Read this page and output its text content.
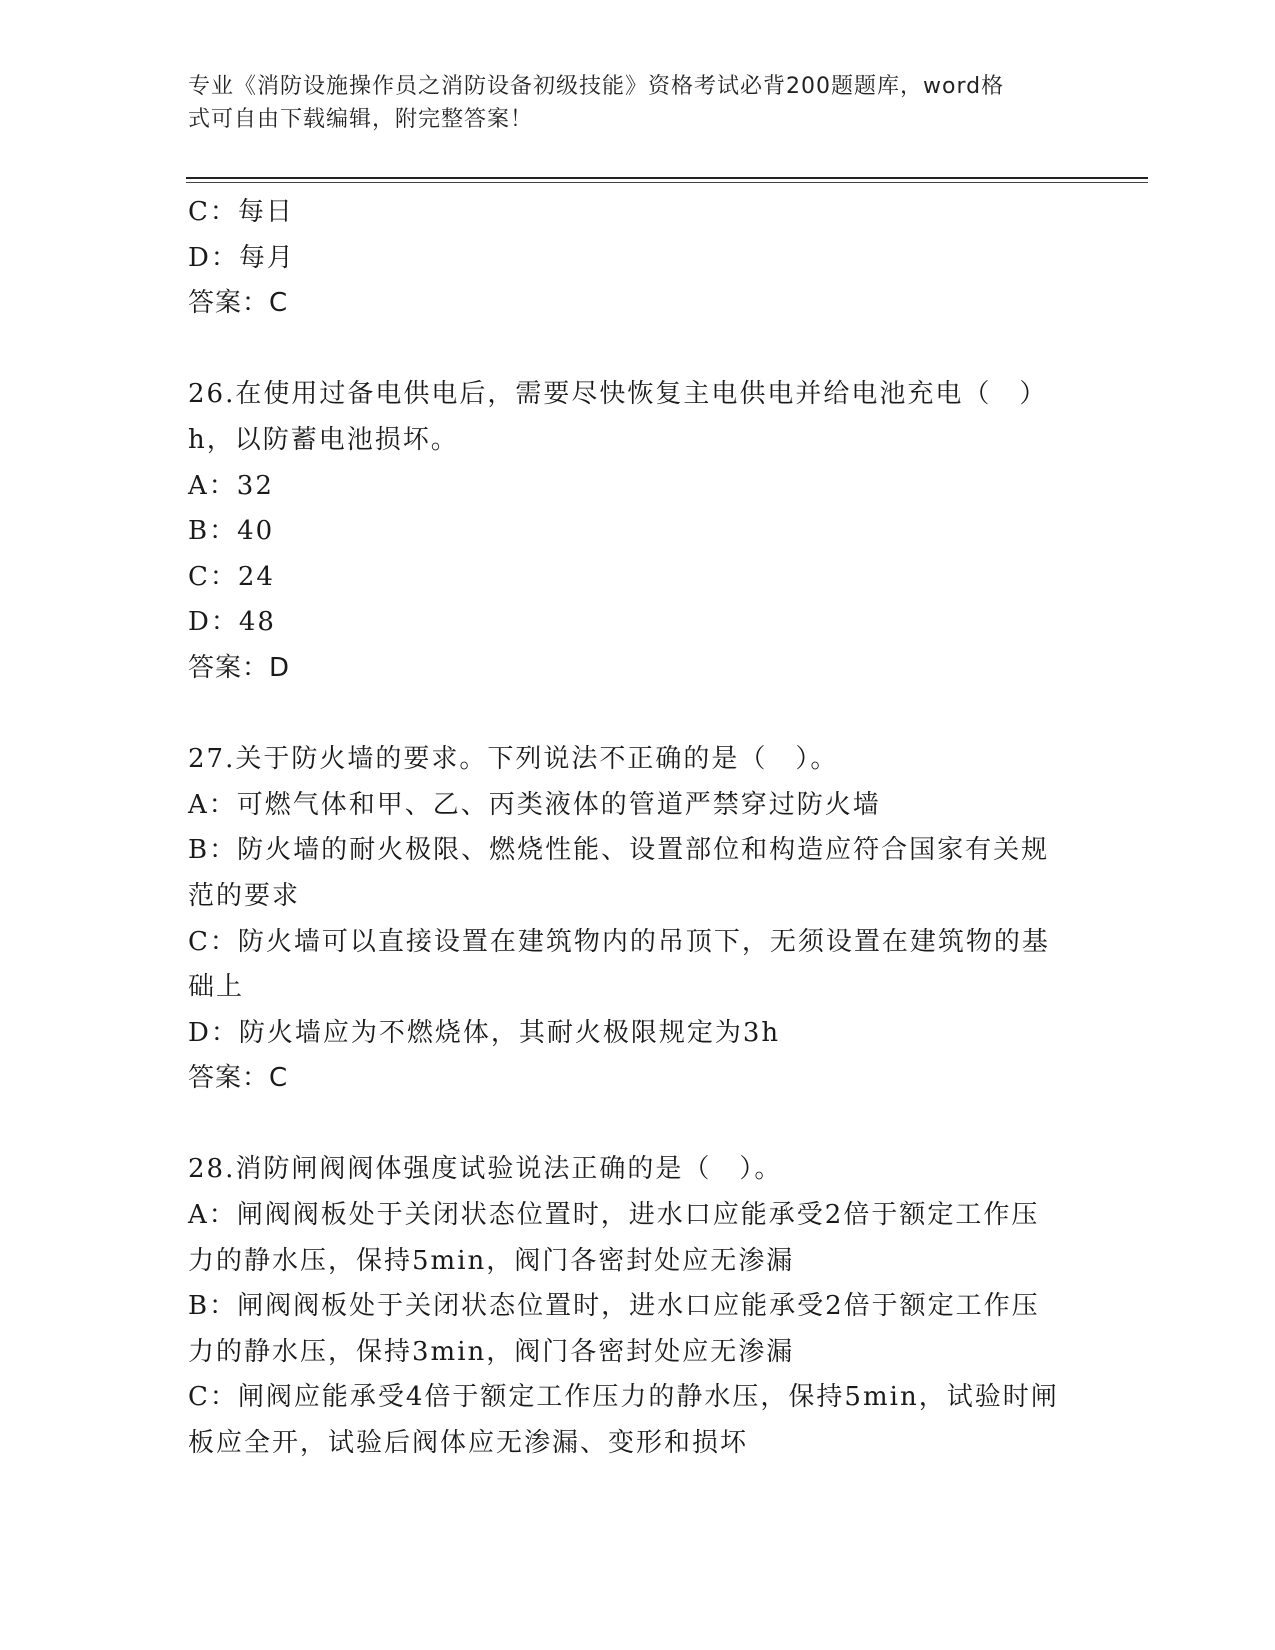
专业《消防设施操作员之消防设备初级技能》资格考试必背200题题库，word格
式可自由下载编辑，附完整答案！
C：每日
D：每月
答案：C
26.在使用过备电供电后，需要尽快恢复主电供电并给电池充电（　）
h，以防蓄电池损坏。
A：32
B：40
C：24
D：48
答案：D
27.关于防火墙的要求。下列说法不正确的是（　）。
A：可燃气体和甲、乙、丙类液体的管道严禁穿过防火墙
B：防火墙的耐火极限、燃烧性能、设置部位和构造应符合国家有关规
范的要求
C：防火墙可以直接设置在建筑物内的吊顶下，无须设置在建筑物的基
础上
D：防火墙应为不燃烧体，其耐火极限规定为3h
答案：C
28.消防闸阀阀体强度试验说法正确的是（　）。
A：闸阀阀板处于关闭状态位置时，进水口应能承受2倍于额定工作压
力的静水压，保持5min，阀门各密封处应无渗漏
B：闸阀阀板处于关闭状态位置时，进水口应能承受2倍于额定工作压
力的静水压，保持3min，阀门各密封处应无渗漏
C：闸阀应能承受4倍于额定工作压力的静水压，保持5min，试验时闸
板应全开，试验后阀体应无渗漏、变形和损坏
